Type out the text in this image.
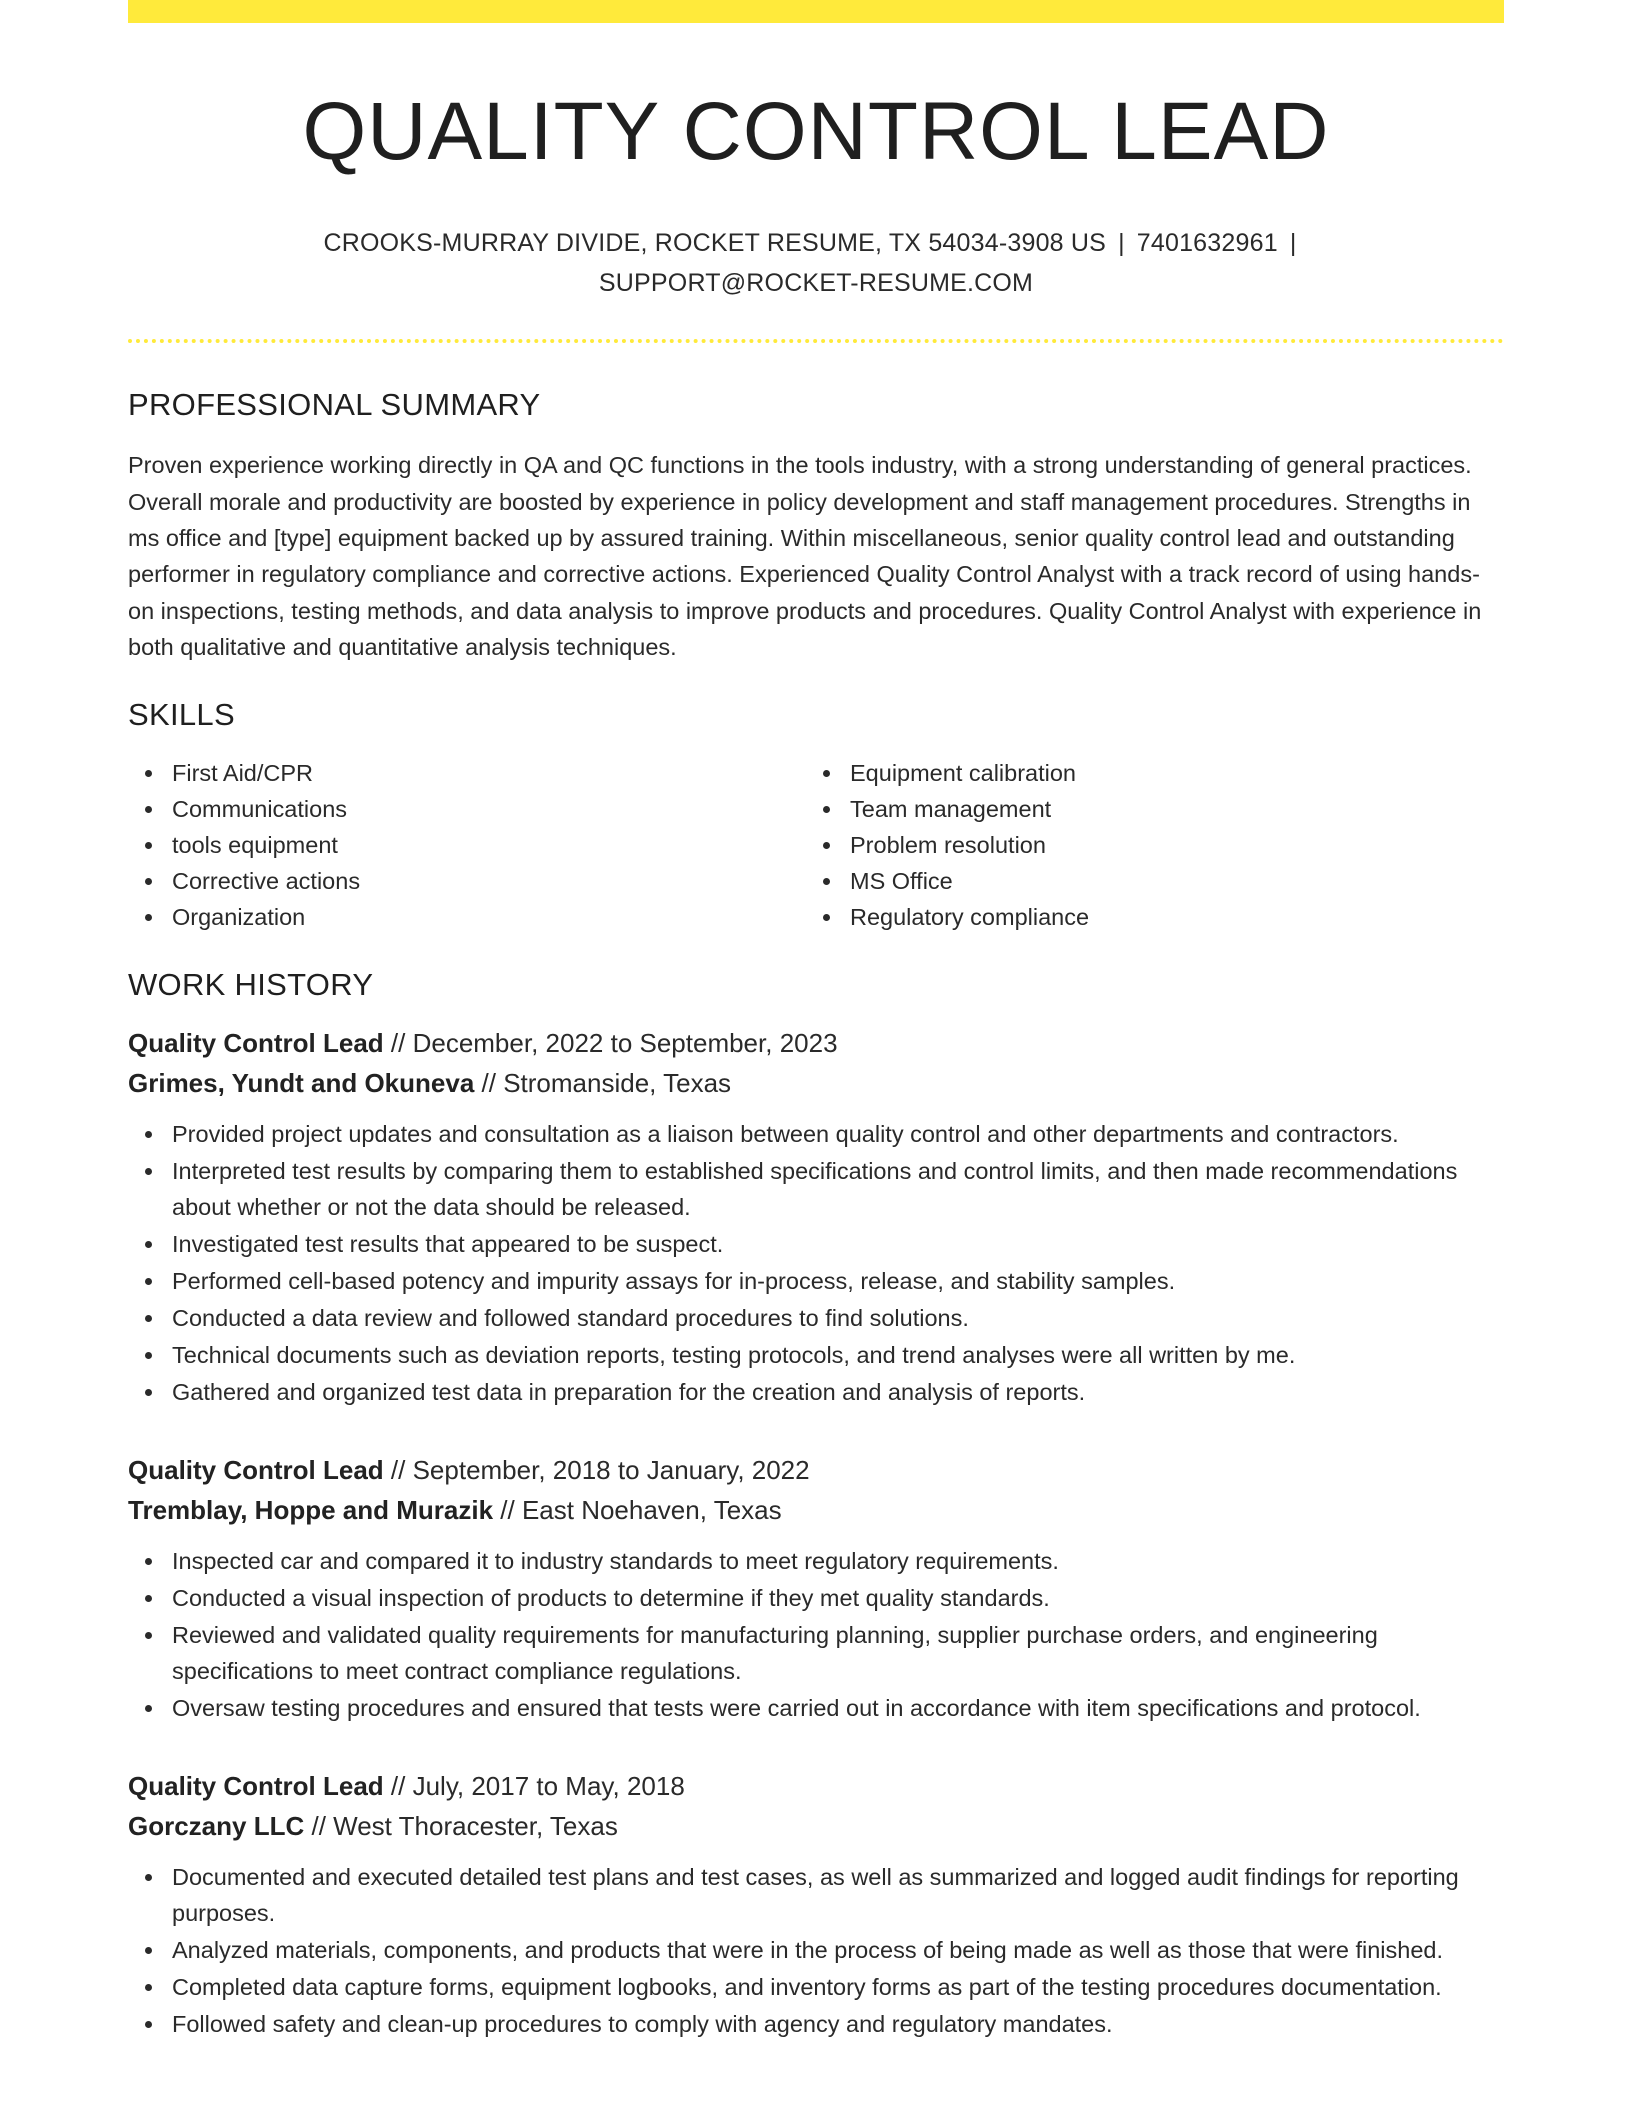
QUALITY CONTROL LEAD
CROOKS-MURRAY DIVIDE, ROCKET RESUME, TX 54034-3908 US | 7401632961 |
SUPPORT@ROCKET-RESUME.COM
PROFESSIONAL SUMMARY

Proven experience working directly in QA and QC functions in the tools industry, with a strong understanding of general practices. Overall morale and productivity are boosted by experience in policy development and staff management procedures. Strengths in ms office and [type] equipment backed up by assured training. Within miscellaneous, senior quality control lead and outstanding performer in regulatory compliance and corrective actions. Experienced Quality Control Analyst with a track record of using hands-on inspections, testing methods, and data analysis to improve products and procedures. Quality Control Analyst with experience in both qualitative and quantitative analysis techniques.

SKILLS
First Aid/CPR
Communications
tools equipment
Corrective actions
Organization
Equipment calibration
Team management
Problem resolution
MS Office
Regulatory compliance
WORK HISTORY
Quality Control Lead // December, 2022 to September, 2023
Grimes, Yundt and Okuneva // Stromanside, Texas
Provided project updates and consultation as a liaison between quality control and other departments and contractors.
Interpreted test results by comparing them to established specifications and control limits, and then made recommendations about whether or not the data should be released.
Investigated test results that appeared to be suspect.
Performed cell-based potency and impurity assays for in-process, release, and stability samples.
Conducted a data review and followed standard procedures to find solutions.
Technical documents such as deviation reports, testing protocols, and trend analyses were all written by me.
Gathered and organized test data in preparation for the creation and analysis of reports.
Quality Control Lead // September, 2018 to January, 2022
Tremblay, Hoppe and Murazik // East Noehaven, Texas
Inspected car and compared it to industry standards to meet regulatory requirements.
Conducted a visual inspection of products to determine if they met quality standards.
Reviewed and validated quality requirements for manufacturing planning, supplier purchase orders, and engineering specifications to meet contract compliance regulations.
Oversaw testing procedures and ensured that tests were carried out in accordance with item specifications and protocol.
Quality Control Lead // July, 2017 to May, 2018
Gorczany LLC // West Thoracester, Texas
Documented and executed detailed test plans and test cases, as well as summarized and logged audit findings for reporting purposes.
Analyzed materials, components, and products that were in the process of being made as well as those that were finished.
Completed data capture forms, equipment logbooks, and inventory forms as part of the testing procedures documentation.
Followed safety and clean-up procedures to comply with agency and regulatory mandates.
